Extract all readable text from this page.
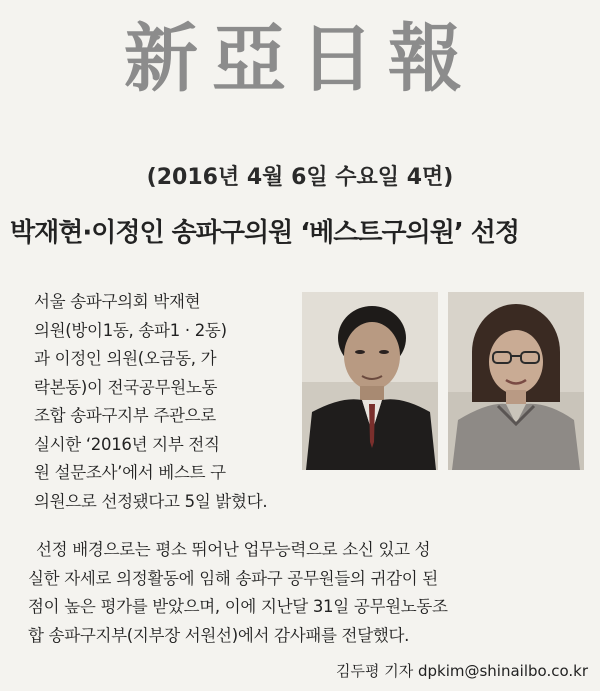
新亞日報
(2016년 4월 6일 수요일 4면)
박재현·이정인 송파구의원 ‘베스트구의원’ 선정
서울 송파구의회 박재현
의원(방이1동, 송파1 · 2동)
과 이정인 의원(오금동, 가
락본동)이 전국공무원노동
조합 송파구지부 주관으로
실시한 ‘2016년 지부 전직
원 설문조사’에서 베스트 구
의원으로 선정됐다고 5일 밝혔다.
선정 배경으로는 평소 뛰어난 업무능력으로 소신 있고 성
실한 자세로 의정활동에 임해 송파구 공무원들의 귀감이 된
점이 높은 평가를 받았으며, 이에 지난달 31일 공무원노동조
합 송파구지부(지부장 서원선)에서 감사패를 전달했다.
김두평 기자 dpkim@shinailbo.co.kr
